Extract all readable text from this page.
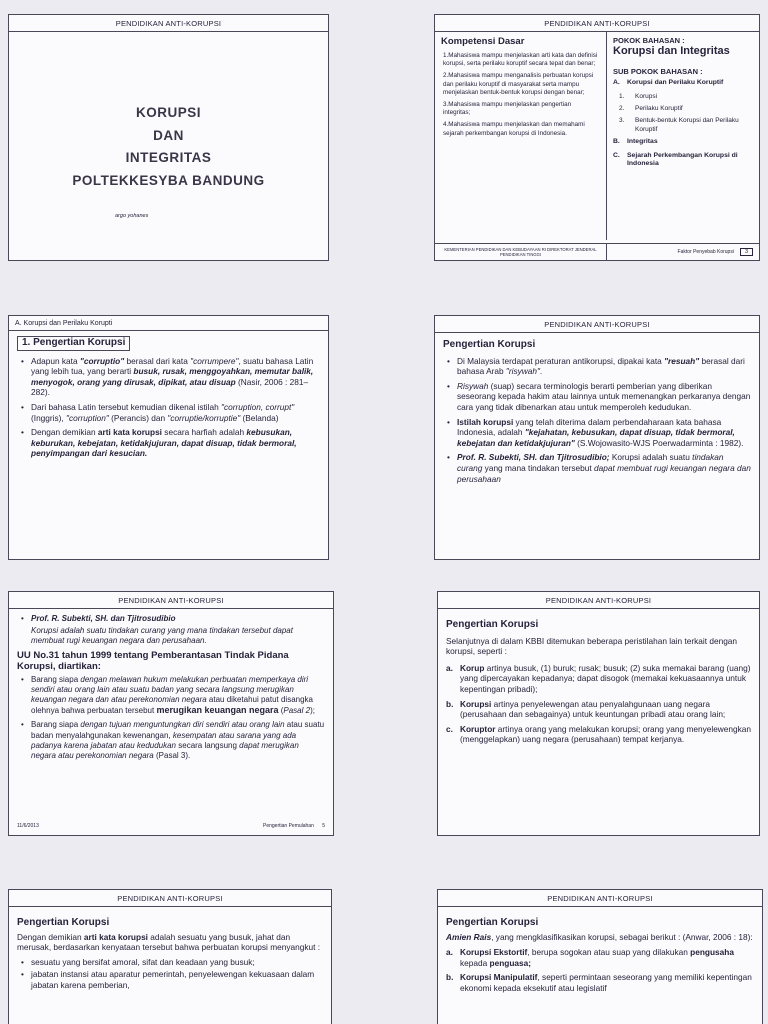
PENDIDIKAN ANTI-KORUPSI
KORUPSI
DAN
INTEGRITAS
POLTEKKESYBA BANDUNG
argo yohanes
PENDIDIKAN ANTI-KORUPSI
Kompetensi Dasar
1.Mahasiswa mampu menjelaskan arti kata dan definisi korupsi, serta perilaku koruptif secara tepat dan benar;
2.Mahasiswa mampu menganalisis perbuatan korupsi dan perilaku koruptif di masyarakat serta mampu menjelaskan bentuk-bentuk korupsi dengan benar;
3.Mahasiswa mampu menjelaskan pengertian integritas;
4.Mahasiswa mampu menjelaskan dan memahami sejarah perkembangan korupsi di Indonesia.
POKOK BAHASAN :
Korupsi dan Integritas
SUB POKOK BAHASAN :
A.	Korupsi dan Perilaku Koruptif
1.	Korupsi
2.	Perilaku Koruptif
3.	Bentuk-bentuk Korupsi dan Perilaku Koruptif
B.	Integritas
C.	Sejarah Perkembangan Korupsi di Indonesia
KEMENTERIAN PENDIDIKAN DAN KEBUDAYAAN RI DIREKTORAT JENDERAL PENDIDIKAN TINGGI	Faktor Penyebab Korupsi	3
A. Korupsi dan Perilaku Korupti
1. Pengertian Korupsi
• Adapun kata "corruptio" berasal dari kata "corrumpere", suatu bahasa Latin yang lebih tua, yang berarti busuk, rusak, menggoyahkan, memutar balik, menyogok, orang yang dirusak, dipikat, atau disuap (Nasir, 2006 : 281–282).
• Dari bahasa Latin tersebut kemudian dikenal istilah "corruption, corrupt" (Inggris), "corruption" (Perancis) dan "corruptie/korruptie" (Belanda)
• Dengan demikian arti kata korupsi secara harfiah adalah kebusukan, keburukan, kebejatan, ketidakjujuran, dapat disuap, tidak bermoral, penyimpangan dari kesucian.
PENDIDIKAN ANTI-KORUPSI
Pengertian Korupsi
• Di Malaysia terdapat peraturan antikorupsi, dipakai kata "resuah" berasal dari bahasa Arab "risywah".
• Risywah (suap) secara terminologis berarti pemberian yang diberikan seseorang kepada hakim atau lainnya untuk memenangkan perkaranya dengan cara yang tidak dibenarkan atau untuk memperoleh kedudukan.
• Istilah korupsi yang telah diterima dalam perbendaharaan kata bahasa Indonesia, adalah "kejahatan, kebusukan, dapat disuap, tidak bermoral, kebejatan dan ketidakjujuran" (S.Wojowasito-WJS Poerwadarminta : 1982).
• Prof. R. Subekti, SH. dan Tjitrosudibio; Korupsi adalah suatu tindakan curang yang mana tindakan tersebut dapat membuat rugi keuangan negara dan perusahaan
PENDIDIKAN ANTI-KORUPSI
• Prof. R. Subekti, SH. dan Tjitrosudibio
Korupsi adalah suatu tindakan curang yang mana tindakan tersebut dapat membuat rugi keuangan negara dan perusahaan.
UU No.31 tahun 1999 tentang Pemberantasan Tindak Pidana Korupsi, diartikan:
• Barang siapa dengan melawan hukum melakukan perbuatan memperkaya diri sendiri atau orang lain atau suatu badan yang secara langsung merugikan keuangan negara dan atau perekonomian negara atau diketahui patut disangka olehnya bahwa perbuatan tersebut merugikan keuangan negara (Pasal 2);
• Barang siapa dengan tujuan menguntungkan diri sendiri atau orang lain atau suatu badan menyalahgunakan kewenangan, kesempatan atau sarana yang ada padanya karena jabatan atau kedudukan secara langsung dapat merugikan negara atau perekonomian negara (Pasal 3).
11/6/2013	Pengertian Pemulahan 5
PENDIDIKAN ANTI-KORUPSI
Pengertian Korupsi
Selanjutnya di dalam KBBI ditemukan beberapa peristilahan lain terkait dengan korupsi, seperti :
a. Korup artinya busuk, (1) buruk; rusak; busuk; (2) suka memakai barang (uang) yang dipercayakan kepadanya; dapat disogok (memakai kekuasaannya untuk kepentingan pribadi);
b. Korupsi artinya penyelewengan atau penyalahgunaan uang negara (perusahaan dan sebagainya) untuk keuntungan pribadi atau orang lain;
c. Koruptor artinya orang yang melakukan korupsi; orang yang menyelewengkan (menggelapkan) uang negara (perusahaan) tempat kerjanya.
PENDIDIKAN ANTI-KORUPSI
Pengertian Korupsi
Dengan demikian arti kata korupsi adalah sesuatu yang busuk, jahat dan merusak, berdasarkan kenyataan tersebut bahwa perbuatan korupsi menyangkut :
• sesuatu yang bersifat amoral, sifat dan keadaan yang busuk;
• jabatan instansi atau aparatur pemerintah, penyelewengan kekuasaan dalam jabatan karena pemberian,
PENDIDIKAN ANTI-KORUPSI
Pengertian Korupsi
Amien Rais, yang mengklasifikasikan korupsi, sebagai berikut : (Anwar, 2006 : 18):
a. Korupsi Ekstortif, berupa sogokan atau suap yang dilakukan pengusaha kepada penguasa;
b. Korupsi Manipulatif, seperti permintaan seseorang yang memiliki kepentingan ekonomi kepada eksekutif atau legislatif
